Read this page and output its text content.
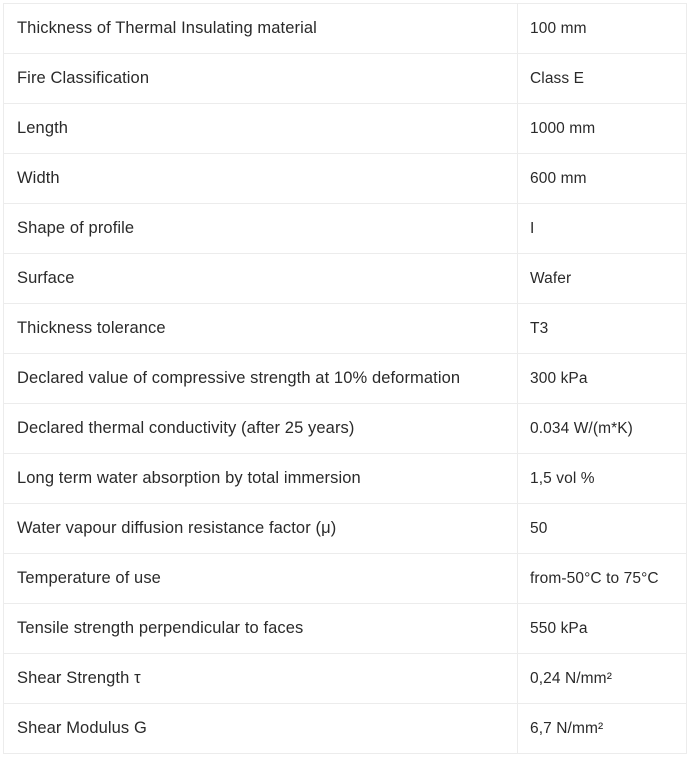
Thickness of Thermal Insulating material	100 mm
Fire Classification	Class E
Length	1000 mm
Width	600 mm
Shape of profile	I
Surface	Wafer
Thickness tolerance	T3
Declared value of compressive strength at 10% deformation	300 kPa
Declared thermal conductivity (after 25 years)	0.034 W/(m*K)
Long term water absorption by total immersion	1,5 vol %
Water vapour diffusion resistance factor (μ)	50
Temperature of use	from-50°C to 75°C
Tensile strength perpendicular to faces	550 kPa
Shear Strength τ	0,24 N/mm²
Shear Modulus G	6,7 N/mm²
